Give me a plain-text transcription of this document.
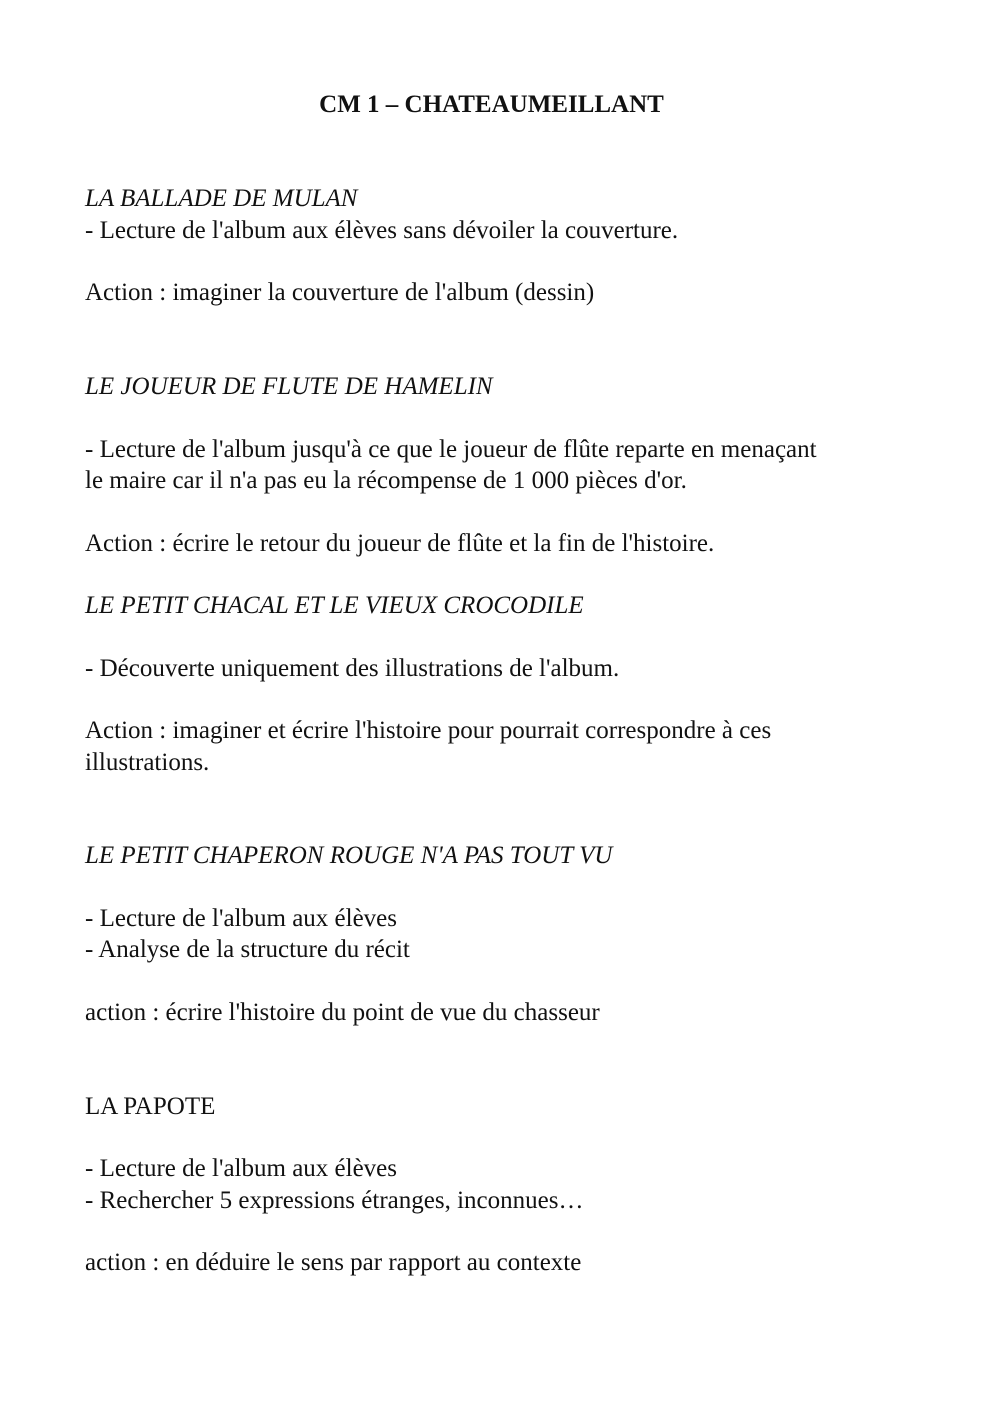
CM 1 – CHATEAUMEILLANT

LA BALLADE DE MULAN

- Lecture de l'album aux élèves sans dévoiler la couverture.

Action : imaginer la couverture de l'album (dessin)

LE JOUEUR DE FLUTE DE HAMELIN

- Lecture de l'album jusqu'à ce que le joueur de flûte reparte en menaçant

le maire car il n'a pas eu la récompense de 1 000 pièces d'or.

Action : écrire le retour du joueur de flûte et la fin de l'histoire.

LE PETIT CHACAL ET LE VIEUX CROCODILE

- Découverte uniquement des illustrations de l'album.

Action : imaginer et écrire l'histoire pour pourrait correspondre à ces

illustrations.

LE PETIT CHAPERON ROUGE N'A PAS TOUT VU

- Lecture de l'album aux élèves

- Analyse de la structure du récit

action : écrire l'histoire du point de vue du chasseur

LA PAPOTE

- Lecture de l'album aux élèves

- Rechercher 5 expressions étranges, inconnues…

action : en déduire le sens par rapport au contexte
